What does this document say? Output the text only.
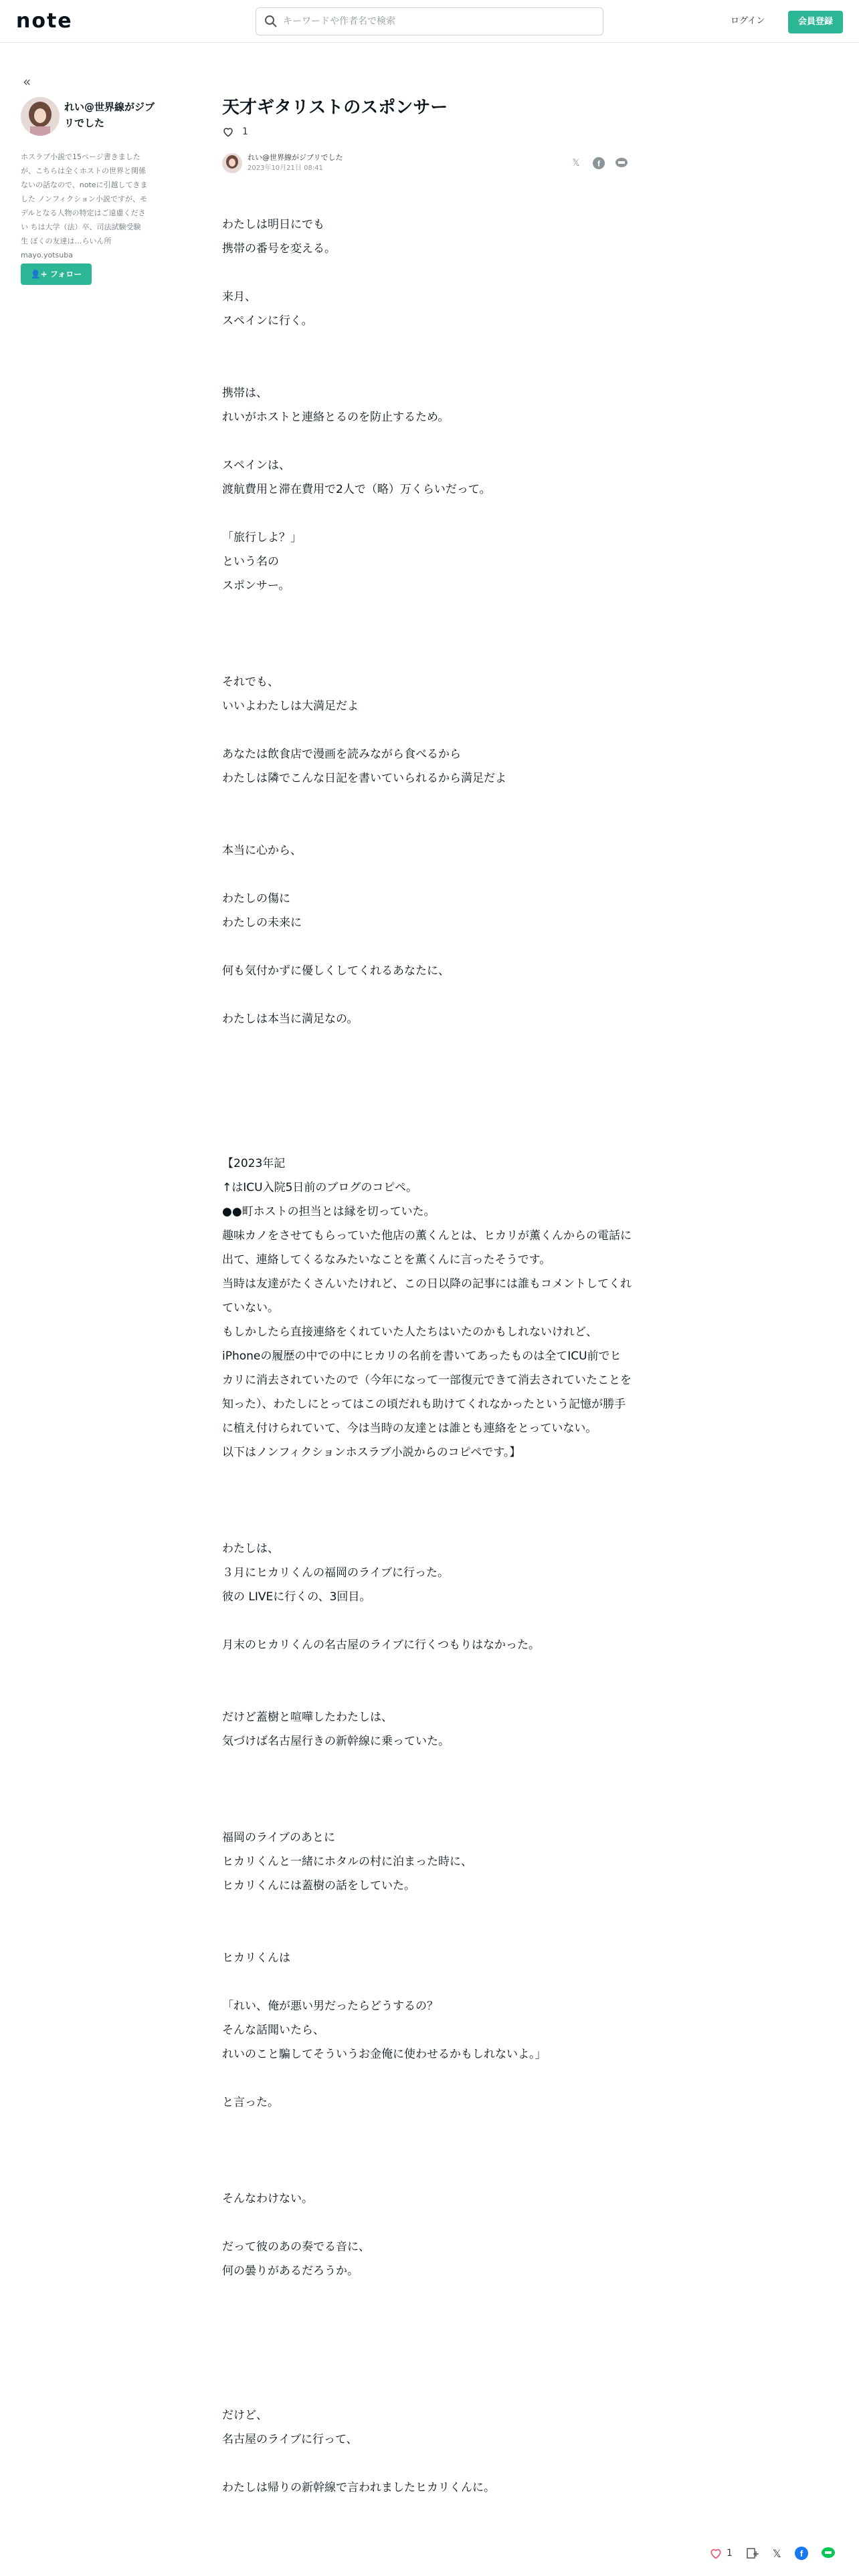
note
キーワードや作者名で検索	ログイン	会員登録
«
れい@世界線がジブリでした
ホスラブ小説で15ページ書きましたが、こちらは全くホストの世界と関係ないの話なので、noteに引越してきました ノンフィクション小説ですが、モデルとなる人物の特定はご遠慮ください ちは大学（法）卒、司法試験受験生 ぼくの友達は…らいん所 mayo.yotsuba
👤+ フォロー
天才ギタリストのスポンサー
1
れい@世界線がジブリでした
2023年10月21日 08:41	𝕏 f
わたしは明日にでも
携帯の番号を変える。
来月、
スペインに行く。
携帯は、
れいがホストと連絡とるのを防止するため。
スペインは、
渡航費用と滞在費用で2人で（略）万くらいだって。
「旅行しよ？」
という名の
スポンサー。
それでも、
いいよわたしは大満足だよ
あなたは飲食店で漫画を読みながら食べるから
わたしは隣でこんな日記を書いていられるから満足だよ
本当に心から、
わたしの傷に
わたしの未来に
何も気付かずに優しくしてくれるあなたに、
わたしは本当に満足なの。
【2023年記
↑はICU入院5日前のブログのコピペ。
●●町ホストの担当とは縁を切っていた。
趣味カノをさせてもらっていた他店の薫くんとは、ヒカリが薫くんからの電話に出て、連絡してくるなみたいなことを薫くんに言ったそうです。
当時は友達がたくさんいたけれど、この日以降の記事には誰もコメントしてくれていない。
もしかしたら直接連絡をくれていた人たちはいたのかもしれないけれど、iPhoneの履歴の中での中にヒカリの名前を書いてあったものは全てICU前でヒカリに消去されていたので（今年になって一部復元できて消去されていたことを知った）、わたしにとってはこの頃だれも助けてくれなかったという記憶が勝手に植え付けられていて、今は当時の友達とは誰とも連絡をとっていない。
以下はノンフィクションホスラブ小説からのコピペです。】
わたしは、
３月にヒカリくんの福岡のライブに行った。
彼の LIVEに行くの、3回目。
月末のヒカリくんの名古屋のライブに行くつもりはなかった。
だけど蓋樹と喧嘩したわたしは、
気づけば名古屋行きの新幹線に乗っていた。
福岡のライブのあとに
ヒカリくんと一緒にホタルの村に泊まった時に、
ヒカリくんには蓋樹の話をしていた。
ヒカリくんは
「れい、俺が悪い男だったらどうするの？
そんな話聞いたら、
れいのこと騙してそういうお金俺に使わせるかもしれないよ。」
と言った。
そんなわけない。
だって彼のあの奏でる音に、
何の曇りがあるだろうか。
だけど、
名古屋のライブに行って、
わたしは帰りの新幹線で言われましたヒカリくんに。
1	𝕏 f
